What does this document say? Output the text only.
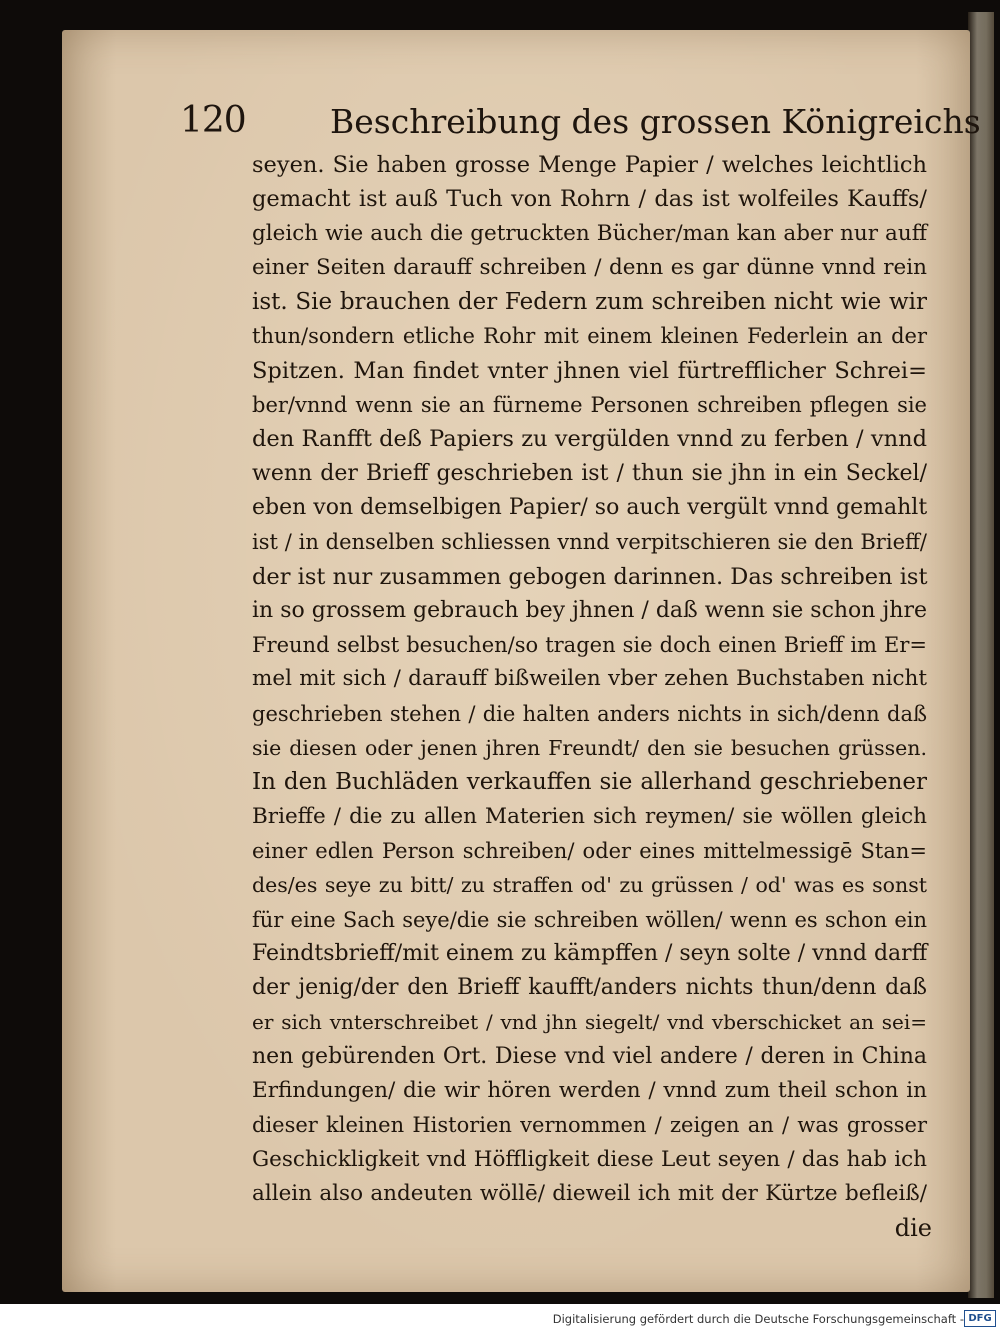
120	Beschreibung des grossen Königreichs
seyen. Sie haben grosse Menge Papier / welches leichtlich
gemacht ist auß Tuch von Rohrn / das ist wolfeiles Kauffs/
gleich wie auch die getruckten Bücher/man kan aber nur auff
einer Seiten darauff schreiben / denn es gar dünne vnnd rein
ist. Sie brauchen der Federn zum schreiben nicht wie wir
thun/sondern etliche Rohr mit einem kleinen Federlein an der
Spitzen. Man findet vnter jhnen viel fürtrefflicher Schrei=
ber/vnnd wenn sie an fürneme Personen schreiben pflegen sie
den Ranfft deß Papiers zu vergülden vnnd zu ferben / vnnd
wenn der Brieff geschrieben ist / thun sie jhn in ein Seckel/
eben von demselbigen Papier/ so auch vergült vnnd gemahlt
ist / in denselben schliessen vnnd verpitschieren sie den Brieff/
der ist nur zusammen gebogen darinnen. Das schreiben ist
in so grossem gebrauch bey jhnen / daß wenn sie schon jhre
Freund selbst besuchen/so tragen sie doch einen Brieff im Er=
mel mit sich / darauff bißweilen vber zehen Buchstaben nicht
geschrieben stehen / die halten anders nichts in sich/denn daß
sie diesen oder jenen jhren Freundt/ den sie besuchen grüssen.
In den Buchläden verkauffen sie allerhand geschriebener
Brieffe / die zu allen Materien sich reymen/ sie wöllen gleich
einer edlen Person schreiben/ oder eines mittelmessigē Stan=
des/es seye zu bitt/ zu straffen od' zu grüssen / od' was es sonst
für eine Sach seye/die sie schreiben wöllen/ wenn es schon ein
Feindtsbrieff/mit einem zu kämpffen / seyn solte / vnnd darff
der jenig/der den Brieff kaufft/anders nichts thun/denn daß
er sich vnterschreibet / vnd jhn siegelt/ vnd vberschicket an sei=
nen gebürenden Ort. Diese vnd viel andere / deren in China
Erfindungen/ die wir hören werden / vnnd zum theil schon in
dieser kleinen Historien vernommen / zeigen an / was grosser
Geschickligkeit vnd Höffligkeit diese Leut seyen / das hab ich
allein also andeuten wöllē/ dieweil ich mit der Kürtze befleiß/
die
Digitalisierung gefördert durch die Deutsche Forschungsgemeinschaft - DFG
